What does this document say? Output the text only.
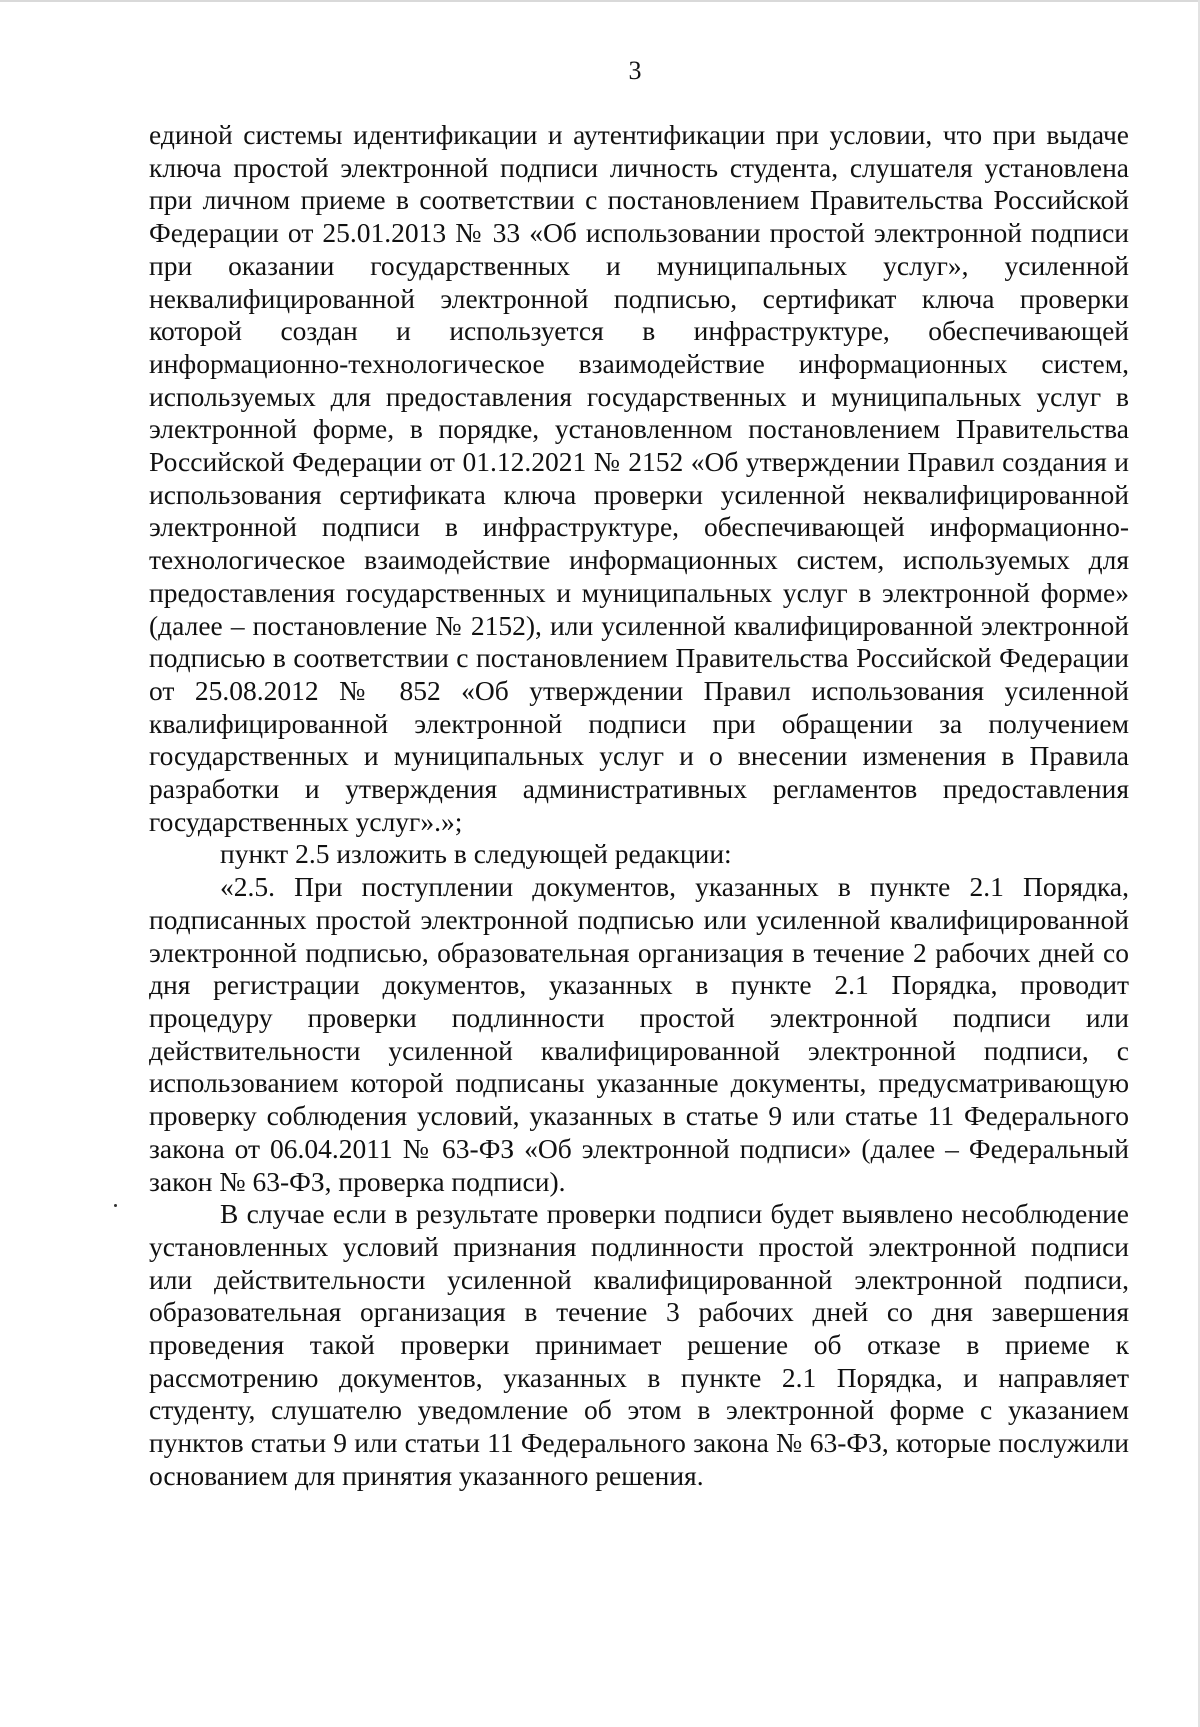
3

единой системы идентификации и аутентификации при условии, что при выдаче ключа простой электронной подписи личность студента, слушателя установлена при личном приеме в соответствии с постановлением Правительства Российской Федерации от 25.01.2013 № 33 «Об использовании простой электронной подписи при оказании государственных и муниципальных услуг», усиленной неквалифицированной электронной подписью, сертификат ключа проверки которой создан и используется в инфраструктуре, обеспечивающей информационно-технологическое взаимодействие информационных систем, используемых для предоставления государственных и муниципальных услуг в электронной форме, в порядке, установленном постановлением Правительства Российской Федерации от 01.12.2021 № 2152 «Об утверждении Правил создания и использования сертификата ключа проверки усиленной неквалифицированной электронной подписи в инфраструктуре, обеспечивающей информационно-технологическое взаимодействие информационных систем, используемых для предоставления государственных и муниципальных услуг в электронной форме» (далее – постановление № 2152), или усиленной квалифицированной электронной подписью в соответствии с постановлением Правительства Российской Федерации от 25.08.2012 № 852 «Об утверждении Правил использования усиленной квалифицированной электронной подписи при обращении за получением государственных и муниципальных услуг и о внесении изменения в Правила разработки и утверждения административных регламентов предоставления государственных услуг».»;

пункт 2.5 изложить в следующей редакции:

«2.5. При поступлении документов, указанных в пункте 2.1 Порядка, подписанных простой электронной подписью или усиленной квалифицированной электронной подписью, образовательная организация в течение 2 рабочих дней со дня регистрации документов, указанных в пункте 2.1 Порядка, проводит процедуру проверки подлинности простой электронной подписи или действительности усиленной квалифицированной электронной подписи, с использованием которой подписаны указанные документы, предусматривающую проверку соблюдения условий, указанных в статье 9 или статье 11 Федерального закона от 06.04.2011 № 63-ФЗ «Об электронной подписи» (далее – Федеральный закон № 63-ФЗ, проверка подписи).

В случае если в результате проверки подписи будет выявлено несоблюдение установленных условий признания подлинности простой электронной подписи или действительности усиленной квалифицированной электронной подписи, образовательная организация в течение 3 рабочих дней со дня завершения проведения такой проверки принимает решение об отказе в приеме к рассмотрению документов, указанных в пункте 2.1 Порядка, и направляет студенту, слушателю уведомление об этом в электронной форме с указанием пунктов статьи 9 или статьи 11 Федерального закона № 63-ФЗ, которые послужили основанием для принятия указанного решения.
